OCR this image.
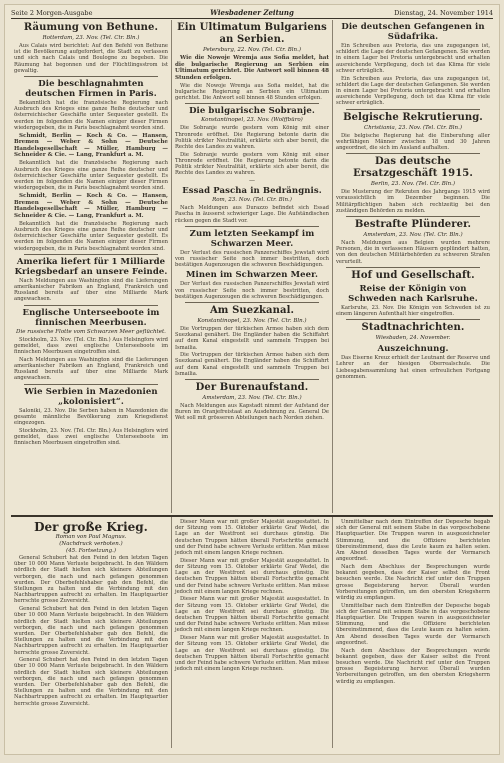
Seite 2 Morgen-Ausgabe	Wiesbadener Zeitung	Dienstag, 24. November 1914
Räumung von Bethune.
Rotterdam, 23. Nov. (Tel. Ctr. Bln.)

Aus Calais wird berichtet: Auf den Befehl von Bethune ist die Bevölkerung aufgefordert, die Stadt zu verlassen und sich nach Calais und Boulogne zu begeben. Die Räumung hat begonnen und der Flüchtlingsstrom ist gewaltig.

Die beschlagnahmten deutschen Firmen in Paris.

Bekanntlich hat die französische Regierung nach Ausbruch des Krieges eine ganze Reihe deutscher und österreichischer Geschäfte unter Sequester gestellt. Es werden im folgenden die Namen einiger dieser Firmen wiedergegeben, die in Paris beschlagnahmt worden sind.

Schmidt, Berlin — Koch & Co. — Hansen, Bremen — Weber & Sohn — Deutsche Handelsgesellschaft — Müller, Hamburg — Schneider & Cie. — Lang, Frankfurt a. M.

Bekanntlich hat die französische Regierung nach Ausbruch des Krieges eine ganze Reihe deutscher und österreichischer Geschäfte unter Sequester gestellt. Es werden im folgenden die Namen einiger dieser Firmen wiedergegeben, die in Paris beschlagnahmt worden sind.

Schmidt, Berlin — Koch & Co. — Hansen, Bremen — Weber & Sohn — Deutsche Handelsgesellschaft — Müller, Hamburg — Schneider & Cie. — Lang, Frankfurt a. M.

Bekanntlich hat die französische Regierung nach Ausbruch des Krieges eine ganze Reihe deutscher und österreichischer Geschäfte unter Sequester gestellt. Es werden im folgenden die Namen einiger dieser Firmen wiedergegeben, die in Paris beschlagnahmt worden sind.

Amerika liefert für 1 Milliarde Kriegsbedarf an unsere Feinde.

Nach Meldungen aus Washington sind die Lieferungen amerikanischer Fabriken an England, Frankreich und Russland bereits auf über eine Milliarde Mark angewachsen.

Englische Unterseeboote im finnischen Meerbusen.
Die russische Flotte vom Schwarzen Meer geflüchtet.

Stockholm, 23. Nov. (Tel. Ctr. Bln.) Aus Helsingfors wird gemeldet, dass zwei englische Unterseeboote im finnischen Meerbusen eingetroffen sind.

Nach Meldungen aus Washington sind die Lieferungen amerikanischer Fabriken an England, Frankreich und Russland bereits auf über eine Milliarde Mark angewachsen.

Wie Serbien in Mazedonien „kolonisiert“.

Saloniki, 23. Nov. Die Serben haben in Mazedonien die gesamte männliche Bevölkerung zum Kriegsdienst eingezogen.

Stockholm, 23. Nov. (Tel. Ctr. Bln.) Aus Helsingfors wird gemeldet, dass zwei englische Unterseeboote im finnischen Meerbusen eingetroffen sind.

Ein Ultimatum Bulgariens an Serbien.
Petersburg, 22. Nov. (Tel. Ctr. Bln.)

Wie die Nowoje Wremja aus Sofia meldet, hat die bulgarische Regierung an Serbien ein Ultimatum gerichtet. Die Antwort soll binnen 48 Stunden erfolgen.

Wie die Nowoje Wremja aus Sofia meldet, hat die bulgarische Regierung an Serbien ein Ultimatum gerichtet. Die Antwort soll binnen 48 Stunden erfolgen.

Die bulgarische Sobranje.
Konstantinopel, 23. Nov. (Wolffbüro)

Die Sobranje wurde gestern vom König mit einer Thronrede eröffnet. Die Regierung betonte darin die Politik strikter Neutralität, erklärte sich aber bereit, die Rechte des Landes zu wahren.

Die Sobranje wurde gestern vom König mit einer Thronrede eröffnet. Die Regierung betonte darin die Politik strikter Neutralität, erklärte sich aber bereit, die Rechte des Landes zu wahren.

—
Essad Pascha in Bedrängnis.
Rom, 23. Nov. (Tel. Ctr. Bln.)

Nach Meldungen aus Durazzo befindet sich Essad Pascha in äusserst schwieriger Lage. Die Aufständischen rücken gegen die Stadt vor.

Zum letzten Seekampf im Schwarzen Meer.

Der Verlust des russischen Panzerschiffes Jewstafi wird von russischer Seite noch immer bestritten, doch bestätigen Augenzeugen die schweren Beschädigungen.

Minen im Schwarzen Meer.

Der Verlust des russischen Panzerschiffes Jewstafi wird von russischer Seite noch immer bestritten, doch bestätigen Augenzeugen die schweren Beschädigungen.

Am Suezkanal.
Konstantinopel, 23. Nov. (Tel. Ctr. Bln.)

Die Vortruppen der türkischen Armee haben sich dem Suezkanal genähert. Die Engländer haben die Schiffahrt auf dem Kanal eingestellt und sammeln Truppen bei Ismailia.

Die Vortruppen der türkischen Armee haben sich dem Suezkanal genähert. Die Engländer haben die Schiffahrt auf dem Kanal eingestellt und sammeln Truppen bei Ismailia.

Der Burenaufstand.
Amsterdam, 23. Nov. (Tel. Ctr. Bln.)

Nach Meldungen aus Kapstadt nimmt der Aufstand der Buren im Oranjefreistaat an Ausdehnung zu. General De Wet soll mit grösseren Abteilungen nach Norden ziehen.

Die deutschen Gefangenen in Südafrika.

Ein Schreiben aus Pretoria, das uns zugegangen ist, schildert die Lage der deutschen Gefangenen. Sie werden in einem Lager bei Pretoria untergebracht und erhalten ausreichende Verpflegung, doch ist das Klima für viele schwer erträglich.

Ein Schreiben aus Pretoria, das uns zugegangen ist, schildert die Lage der deutschen Gefangenen. Sie werden in einem Lager bei Pretoria untergebracht und erhalten ausreichende Verpflegung, doch ist das Klima für viele schwer erträglich.

Belgische Rekrutierung.
Christiania, 23. Nov. (Tel. Ctr. Bln.)

Die belgische Regierung hat die Einberufung aller wehrfähigen Männer zwischen 18 und 30 Jahren angeordnet, die sich im Ausland aufhalten.

Das deutsche Ersatzgeschäft 1915.
Berlin, 23. Nov. (Tel. Ctr. Bln.)

Die Musterung der Rekruten des Jahrgangs 1915 wird voraussichtlich im Dezember beginnen. Die Militärpflichtigen haben sich rechtzeitig bei den zuständigen Behörden zu melden.

Bestrafte Plünderer.
Amsterdam, 23. Nov. (Tel. Ctr. Bln.)

Nach Meldungen aus Belgien wurden mehrere Personen, die in verlassenen Häusern geplündert hatten, von den deutschen Militärbehörden zu schweren Strafen verurteilt.

Hof und Gesellschaft.
Reise der Königin von Schweden nach Karlsruhe.

Karlsruhe, 23. Nov. Die Königin von Schweden ist zu einem längeren Aufenthalt hier eingetroffen.

Stadtnachrichten.
Wiesbaden, 24. November.
Auszeichnung.

Das Eiserne Kreuz erhielt der Leutnant der Reserve und Lehrer an der hiesigen Oberrealschule. Die Liebesgabensammlung hat einen erfreulichen Fortgang genommen.

Der große Krieg.
Roman von Paul Magnus.
(Nachdruck verboten.)
(45. Fortsetzung.)

General Schubert hat den Feind in den letzten Tagen über 10 000 Mann Verluste beigebracht. In den Wäldern nördlich der Stadt hielten sich kleinere Abteilungen verborgen, die nach und nach gefangen genommen wurden. Der Oberbefehlshaber gab den Befehl, die Stellungen zu halten und die Verbindung mit den Nachbartruppen aufrecht zu erhalten. Im Hauptquartier herrschte grosse Zuversicht.

General Schubert hat den Feind in den letzten Tagen über 10 000 Mann Verluste beigebracht. In den Wäldern nördlich der Stadt hielten sich kleinere Abteilungen verborgen, die nach und nach gefangen genommen wurden. Der Oberbefehlshaber gab den Befehl, die Stellungen zu halten und die Verbindung mit den Nachbartruppen aufrecht zu erhalten. Im Hauptquartier herrschte grosse Zuversicht.

General Schubert hat den Feind in den letzten Tagen über 10 000 Mann Verluste beigebracht. In den Wäldern nördlich der Stadt hielten sich kleinere Abteilungen verborgen, die nach und nach gefangen genommen wurden. Der Oberbefehlshaber gab den Befehl, die Stellungen zu halten und die Verbindung mit den Nachbartruppen aufrecht zu erhalten. Im Hauptquartier herrschte grosse Zuversicht.

Dieser Mann war mit großer Majestät ausgestattet. In der Sitzung vom 15. Oktober erklärte Graf Wedel, die Lage an der Westfront sei durchaus günstig. Die deutschen Truppen hätten überall Fortschritte gemacht und der Feind habe schwere Verluste erlitten. Man müsse jedoch mit einem langen Kriege rechnen.

Dieser Mann war mit großer Majestät ausgestattet. In der Sitzung vom 15. Oktober erklärte Graf Wedel, die Lage an der Westfront sei durchaus günstig. Die deutschen Truppen hätten überall Fortschritte gemacht und der Feind habe schwere Verluste erlitten. Man müsse jedoch mit einem langen Kriege rechnen.

Dieser Mann war mit großer Majestät ausgestattet. In der Sitzung vom 15. Oktober erklärte Graf Wedel, die Lage an der Westfront sei durchaus günstig. Die deutschen Truppen hätten überall Fortschritte gemacht und der Feind habe schwere Verluste erlitten. Man müsse jedoch mit einem langen Kriege rechnen.

Dieser Mann war mit großer Majestät ausgestattet. In der Sitzung vom 15. Oktober erklärte Graf Wedel, die Lage an der Westfront sei durchaus günstig. Die deutschen Truppen hätten überall Fortschritte gemacht und der Feind habe schwere Verluste erlitten. Man müsse jedoch mit einem langen Kriege rechnen.

Unmittelbar nach dem Eintreffen der Depesche begab sich der General mit seinem Stabe in das vorgeschobene Hauptquartier. Die Truppen waren in ausgezeichneter Stimmung, und die Offiziere berichteten übereinstimmend, dass die Leute kaum zu halten seien. Am Abend desselben Tages wurde der Vormarsch angeordnet.

Nach dem Abschluss der Besprechungen wurde bekannt gegeben, dass der Kaiser selbst die Front besuchen werde. Die Nachricht rief unter den Truppen grosse Begeisterung hervor. Überall wurden Vorbereitungen getroffen, um den obersten Kriegsherrn würdig zu empfangen.

Unmittelbar nach dem Eintreffen der Depesche begab sich der General mit seinem Stabe in das vorgeschobene Hauptquartier. Die Truppen waren in ausgezeichneter Stimmung, und die Offiziere berichteten übereinstimmend, dass die Leute kaum zu halten seien. Am Abend desselben Tages wurde der Vormarsch angeordnet.

Nach dem Abschluss der Besprechungen wurde bekannt gegeben, dass der Kaiser selbst die Front besuchen werde. Die Nachricht rief unter den Truppen grosse Begeisterung hervor. Überall wurden Vorbereitungen getroffen, um den obersten Kriegsherrn würdig zu empfangen.
